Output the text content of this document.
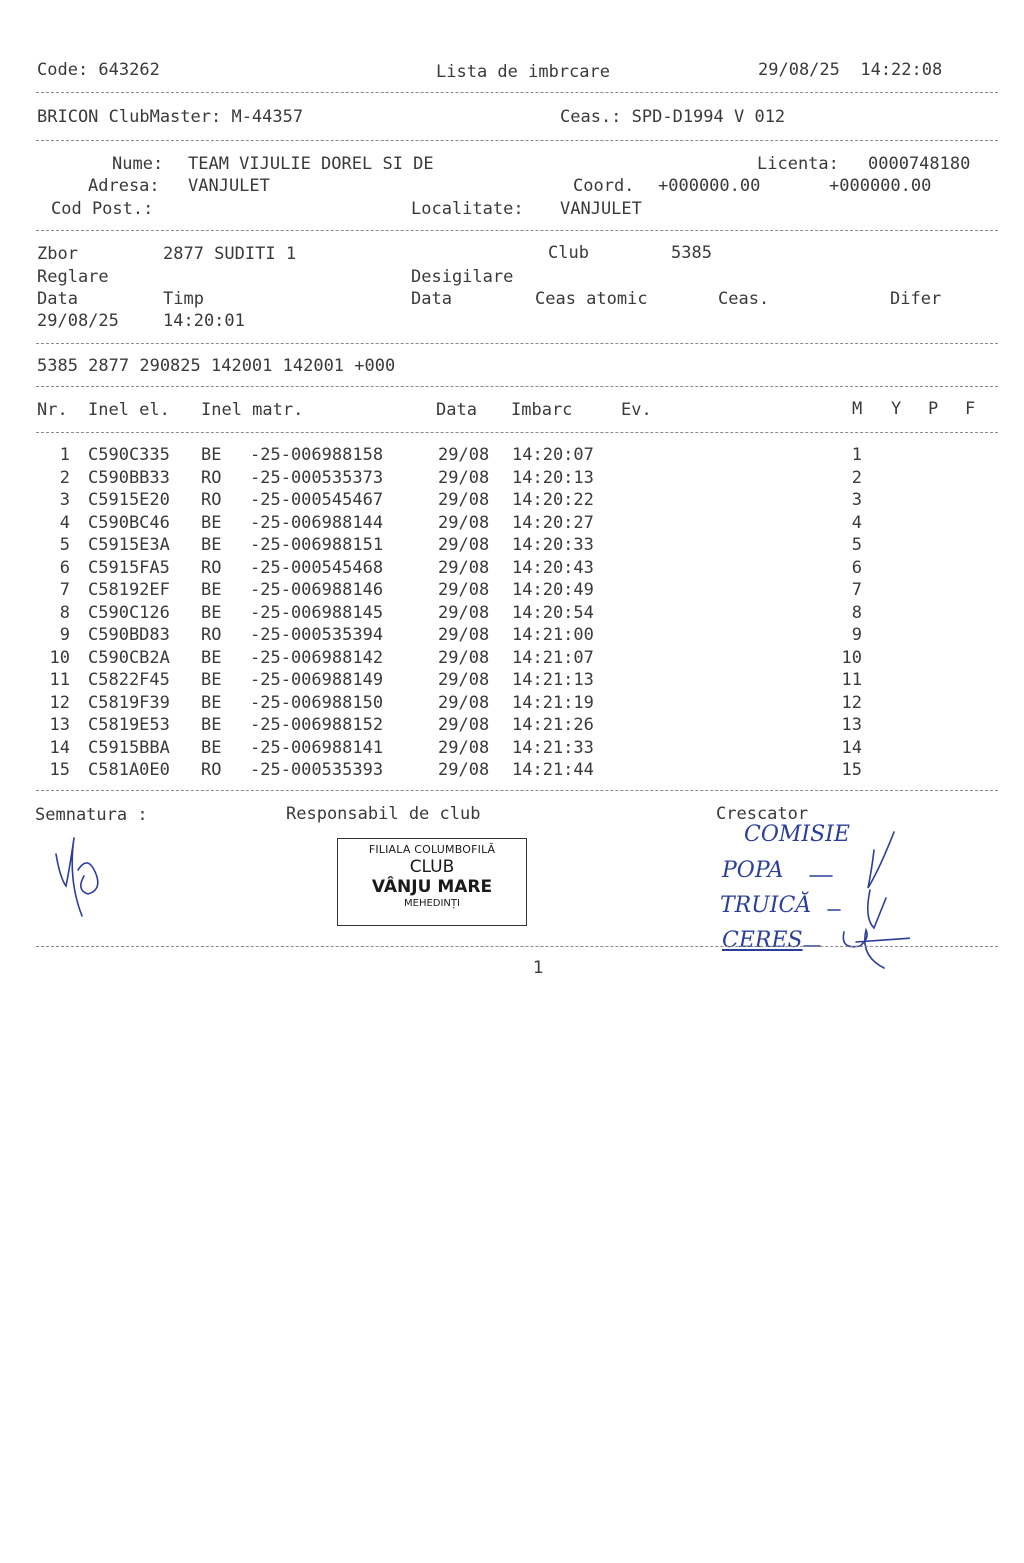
Code: 643262	Lista de imbrcare	29/08/25  14:22:08
BRICON ClubMaster: M-44357	Ceas.: SPD-D1994 V 012
Nume: TEAM VIJULIE DOREL SI DE	Licenta: 0000748180
Adresa: VANJULET	Coord. +000000.00	+000000.00
Cod Post.:	Localitate: VANJULET
Zbor	2877 SUDITI 1	Club	5385
Reglare	Desigilare
Data	Timp	Data	Ceas atomic	Ceas.	Difer
29/08/25	14:20:01
5385 2877 290825 142001 142001 +000
Nr. Inel el. Inel matr.	Data Imbarc	Ev.	M Y P F
1 C590C335 BE -25-006988158	29/08 14:20:07	1
2 C590BB33 RO -25-000535373	29/08 14:20:13	2
3 C5915E20 RO -25-000545467	29/08 14:20:22	3
4 C590BC46 BE -25-006988144	29/08 14:20:27	4
5 C5915E3A BE -25-006988151	29/08 14:20:33	5
6 C5915FA5 RO -25-000545468	29/08 14:20:43	6
7 C58192EF BE -25-006988146	29/08 14:20:49	7
8 C590C126 BE -25-006988145	29/08 14:20:54	8
9 C590BD83 RO -25-000535394	29/08 14:21:00	9
10 C590CB2A BE -25-006988142	29/08 14:21:07	10
11 C5822F45 BE -25-006988149	29/08 14:21:13	11
12 C5819F39 BE -25-006988150	29/08 14:21:19	12
13 C5819E53 BE -25-006988152	29/08 14:21:26	13
14 C5915BBA BE -25-006988141	29/08 14:21:33	14
15 C581A0E0 RO -25-000535393	29/08 14:21:44	15
Semnatura :	Responsabil de club	Crescator
FILIALA COLUMBOFILĂ
CLUB
VÂNJU MARE
MEHEDINȚI
COMISIE
POPA
TRUICĂ
CERES
1
